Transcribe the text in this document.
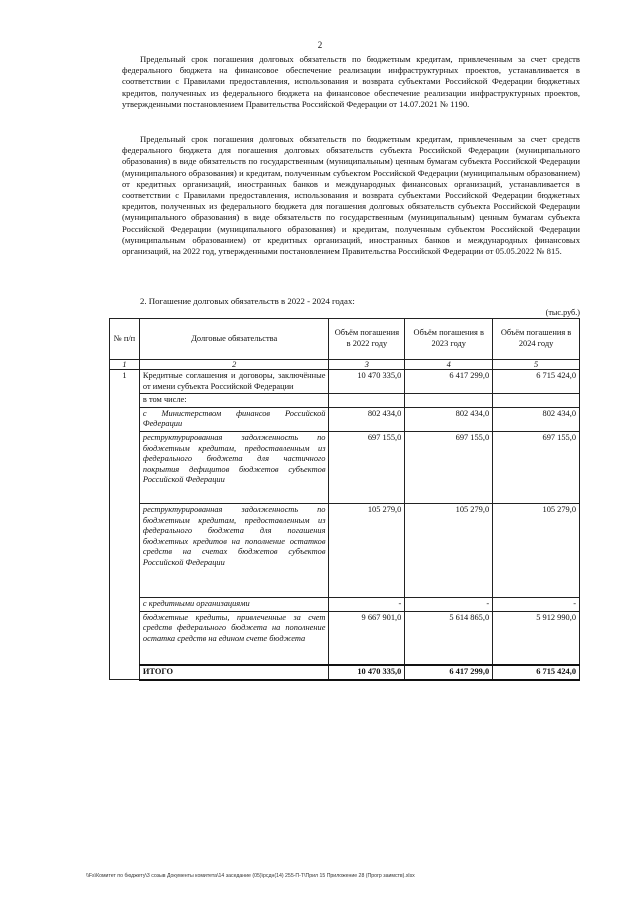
2

Предельный срок погашения долговых обязательств по бюджетным кредитам, привлеченным за счет средств федерального бюджета на финансовое обеспечение реализации инфраструктурных проектов, устанавливается в соответствии с Правилами предоставления, использования и возврата субъектами Российской Федерации бюджетных кредитов, полученных из федерального бюджета на финансовое обеспечение реализации инфраструктурных проектов, утвержденными постановлением Правительства Российской Федерации от 14.07.2021 № 1190.

Предельный срок погашения долговых обязательств по бюджетным кредитам, привлеченным за счет средств федерального бюджета для погашения долговых обязательств субъекта Российской Федерации (муниципального образования) в виде обязательств по государственным (муниципальным) ценным бумагам субъекта Российской Федерации (муниципального образования) и кредитам, полученным субъектом Российской Федерации (муниципальным образованием) от кредитных организаций, иностранных банков и международных финансовых организаций, устанавливается в соответствии с Правилами предоставления, использования и возврата субъектами Российской Федерации бюджетных кредитов, полученных из федерального бюджета для погашения долговых обязательств субъекта Российской Федерации (муниципального образования) в виде обязательств по государственным (муниципальным) ценным бумагам субъекта Российской Федерации (муниципального образования) и кредитам, полученным субъектом Российской Федерации (муниципальным образованием) от кредитных организаций, иностранных банков и международных финансовых организаций, на 2022 год, утвержденными постановлением Правительства Российской Федерации от 05.05.2022 № 815.

2. Погашение долговых обязательств в 2022 - 2024 годах:

(тыс.руб.)
№ п/п	Долговые обязательства	Объём погашения в 2022 году	Объём погашения в 2023 году	Объём погашения в 2024 году
1	2	3	4	5
1	Кредитные соглашения и договоры, заключённые от имени субъекта Российской Федерации	10 470 335,0	6 417 299,0	6 715 424,0
	в том числе:			
	с Министерством финансов Российской Федерации	802 434,0	802 434,0	802 434,0
	реструктурированная задолженность по бюджетным кредитам, предоставленным из федерального бюджета для частичного покрытия дефицитов бюджетов субъектов Российской Федерации	697 155,0	697 155,0	697 155,0
	реструктурированная задолженность по бюджетным кредитам, предоставленным из федерального бюджета для погашения бюджетных кредитов на пополнение остатков средств на счетах бюджетов субъектов Российской Федерации	105 279,0	105 279,0	105 279,0
	с кредитными организациями	-	-	-
	бюджетные кредиты, привлеченные за счет средств федерального бюджета на пополнение остатка средств на едином счете бюджета	9 667 901,0	5 614 865,0	5 912 990,0
	ИТОГО	10 470 335,0	6 417 299,0	6 715 424,0
\\Fs\Комитет по бюджету\3 созыв Документы комитета\14 заседание (05)\рсдн(14) 255-П-Т\Прил 15 Приложение 28 (Прогр заимств).xlsx
